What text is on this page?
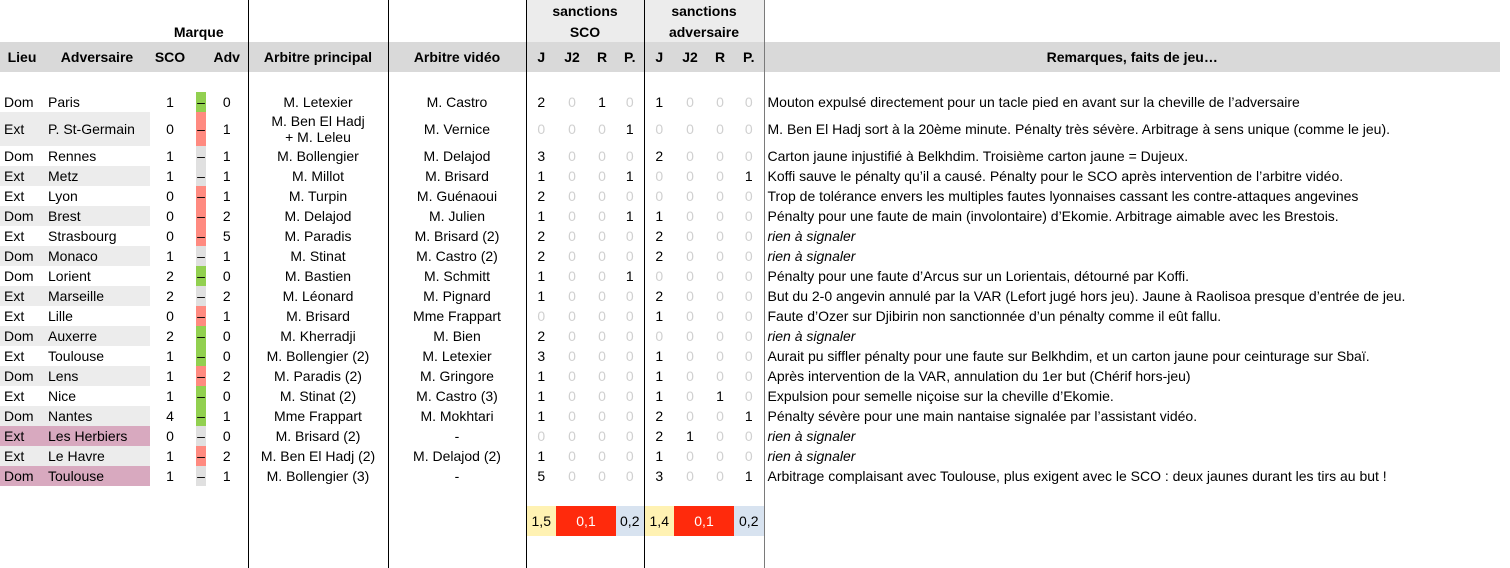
								sanctions				sanctions				
		Marque						SCO				adversaire				
Lieu	Adversaire	SCO			Adv	Arbitre principal	Arbitre vidéo	J	J2	R	P.	J	J2	R	P.	Remarques, faits de jeu…

Dom	Paris	1		–	0	M. Letexier	M. Castro	2	0	1	0	1	0	0	0	Mouton expulsé directement pour un tacle pied en avant sur la cheville de l’adversaire
Ext	P. St-Germain	0		–	1	M. Ben El Hadj
+ M. Leleu	M. Vernice	0	0	0	1	0	0	0	0	M. Ben El Hadj sort à la 20ème minute. Pénalty très sévère. Arbitrage à sens unique (comme le jeu).
Dom	Rennes	1		–	1	M. Bollengier	M. Delajod	3	0	0	0	2	0	0	0	Carton jaune injustifié à Belkhdim. Troisième carton jaune = Dujeux.
Ext	Metz	1		–	1	M. Millot	M. Brisard	1	0	0	1	0	0	0	1	Koffi sauve le pénalty qu’il a causé. Pénalty pour le SCO après intervention de l’arbitre vidéo.
Ext	Lyon	0		–	1	M. Turpin	M. Guénaoui	2	0	0	0	0	0	0	0	Trop de tolérance envers les multiples fautes lyonnaises cassant les contre-attaques angevines
Dom	Brest	0		–	2	M. Delajod	M. Julien	1	0	0	1	1	0	0	0	Pénalty pour une faute de main (involontaire) d’Ekomie. Arbitrage aimable avec les Brestois.
Ext	Strasbourg	0		–	5	M. Paradis	M. Brisard (2)	2	0	0	0	2	0	0	0	rien à signaler
Dom	Monaco	1		–	1	M. Stinat	M. Castro (2)	2	0	0	0	2	0	0	0	rien à signaler
Dom	Lorient	2		–	0	M. Bastien	M. Schmitt	1	0	0	1	0	0	0	0	Pénalty pour une faute d’Arcus sur un Lorientais, détourné par Koffi.
Ext	Marseille	2		–	2	M. Léonard	M. Pignard	1	0	0	0	2	0	0	0	But du 2-0 angevin annulé par la VAR (Lefort jugé hors jeu). Jaune à Raolisoa presque d’entrée de jeu.
Ext	Lille	0		–	1	M. Brisard	Mme Frappart	0	0	0	0	1	0	0	0	Faute d’Ozer sur Djibirin non sanctionnée d’un pénalty comme il eût fallu.
Dom	Auxerre	2		–	0	M. Kherradji	M. Bien	2	0	0	0	0	0	0	0	rien à signaler
Ext	Toulouse	1		–	0	M. Bollengier (2)	M. Letexier	3	0	0	0	1	0	0	0	Aurait pu siffler pénalty pour une faute sur Belkhdim, et un carton jaune pour ceinturage sur Sbaï.
Dom	Lens	1		–	2	M. Paradis (2)	M. Gringore	1	0	0	0	1	0	0	0	Après intervention de la VAR, annulation du 1er but (Chérif hors-jeu)
Ext	Nice	1		–	0	M. Stinat (2)	M. Castro (3)	1	0	0	0	1	0	1	0	Expulsion pour semelle niçoise sur la cheville d’Ekomie.
Dom	Nantes	4		–	1	Mme Frappart	M. Mokhtari	1	0	0	0	2	0	0	1	Pénalty sévère pour une main nantaise signalée par l’assistant vidéo.
Ext	Les Herbiers	0		–	0	M. Brisard (2)	-	0	0	0	0	2	1	0	0	rien à signaler
Ext	Le Havre	1		–	2	M. Ben El Hadj (2)	M. Delajod (2)	1	0	0	0	1	0	0	0	rien à signaler
Dom	Toulouse	1		–	1	M. Bollengier (3)	-	5	0	0	0	3	0	0	1	Arbitrage complaisant avec Toulouse, plus exigent avec le SCO : deux jaunes durant les tirs au but !

								1,5	0,1		0,2	1,4	0,1		0,2	
